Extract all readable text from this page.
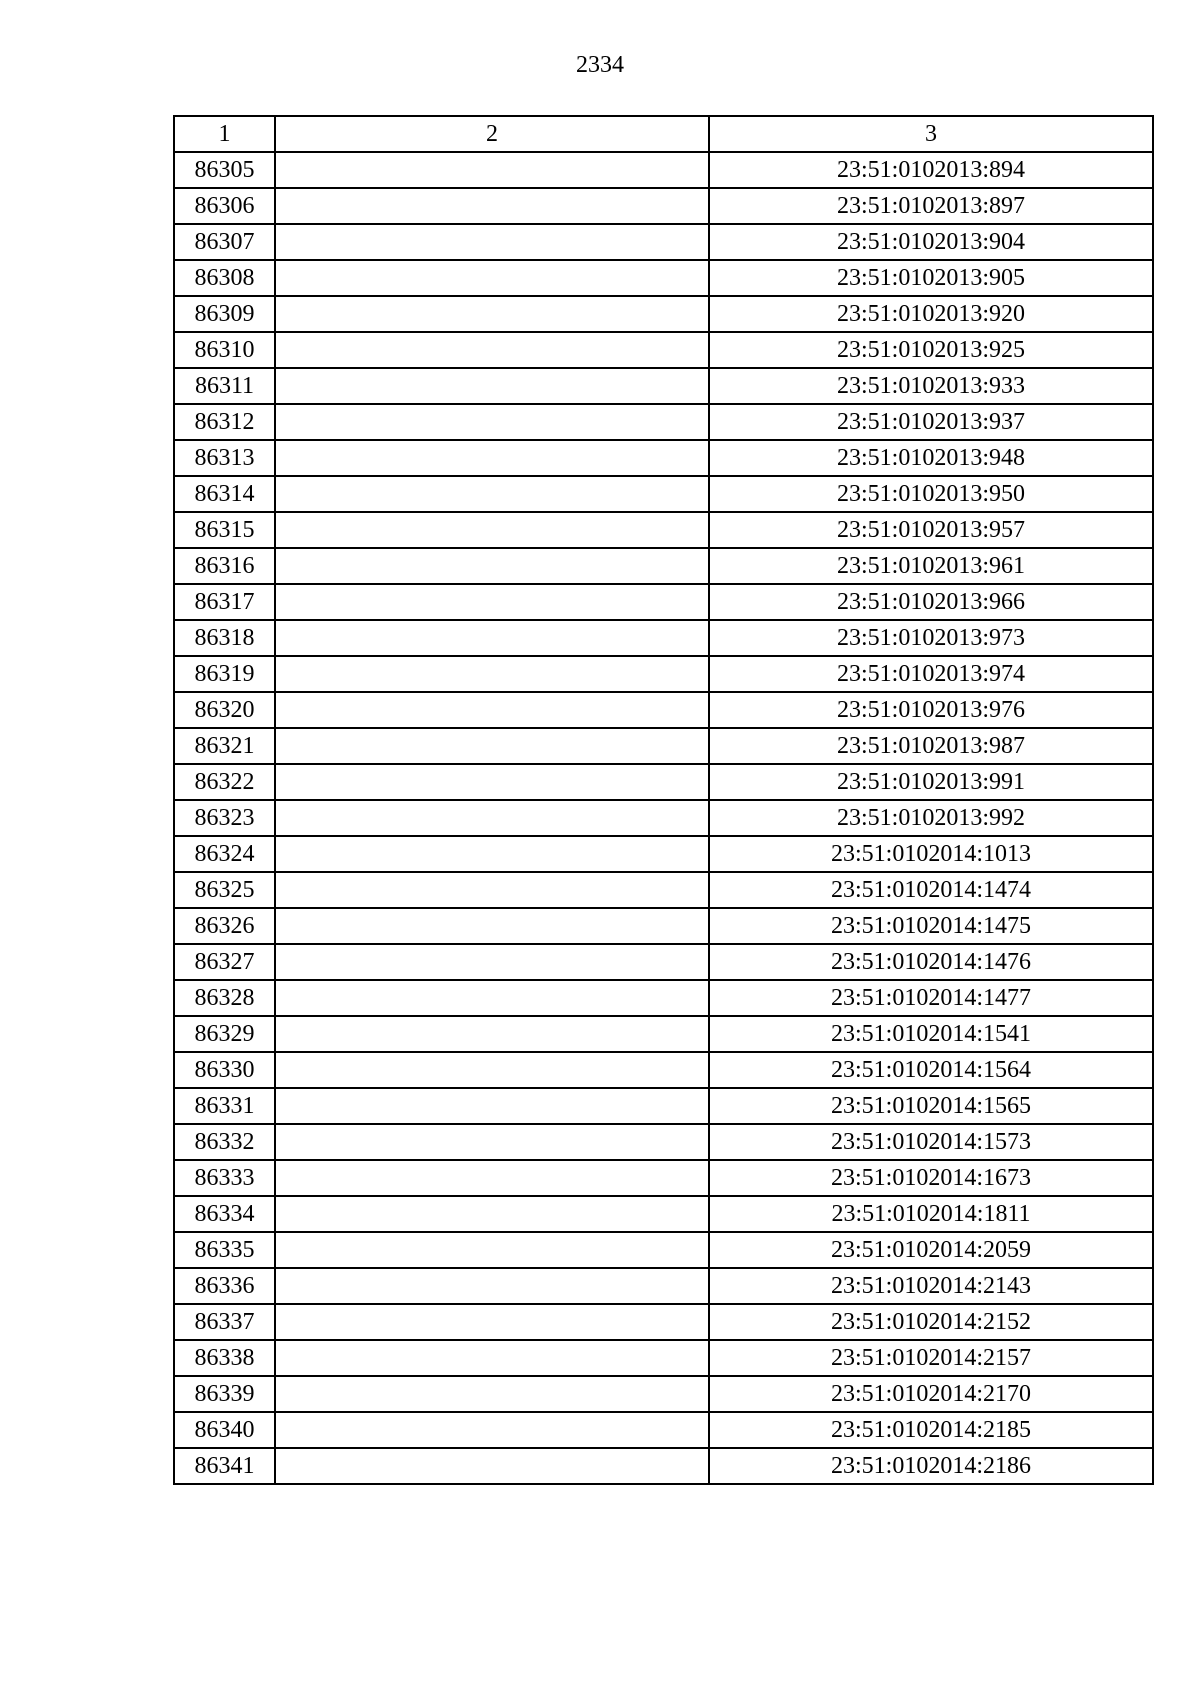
2334
1	2	3
86305		23:51:0102013:894
86306		23:51:0102013:897
86307		23:51:0102013:904
86308		23:51:0102013:905
86309		23:51:0102013:920
86310		23:51:0102013:925
86311		23:51:0102013:933
86312		23:51:0102013:937
86313		23:51:0102013:948
86314		23:51:0102013:950
86315		23:51:0102013:957
86316		23:51:0102013:961
86317		23:51:0102013:966
86318		23:51:0102013:973
86319		23:51:0102013:974
86320		23:51:0102013:976
86321		23:51:0102013:987
86322		23:51:0102013:991
86323		23:51:0102013:992
86324		23:51:0102014:1013
86325		23:51:0102014:1474
86326		23:51:0102014:1475
86327		23:51:0102014:1476
86328		23:51:0102014:1477
86329		23:51:0102014:1541
86330		23:51:0102014:1564
86331		23:51:0102014:1565
86332		23:51:0102014:1573
86333		23:51:0102014:1673
86334		23:51:0102014:1811
86335		23:51:0102014:2059
86336		23:51:0102014:2143
86337		23:51:0102014:2152
86338		23:51:0102014:2157
86339		23:51:0102014:2170
86340		23:51:0102014:2185
86341		23:51:0102014:2186
